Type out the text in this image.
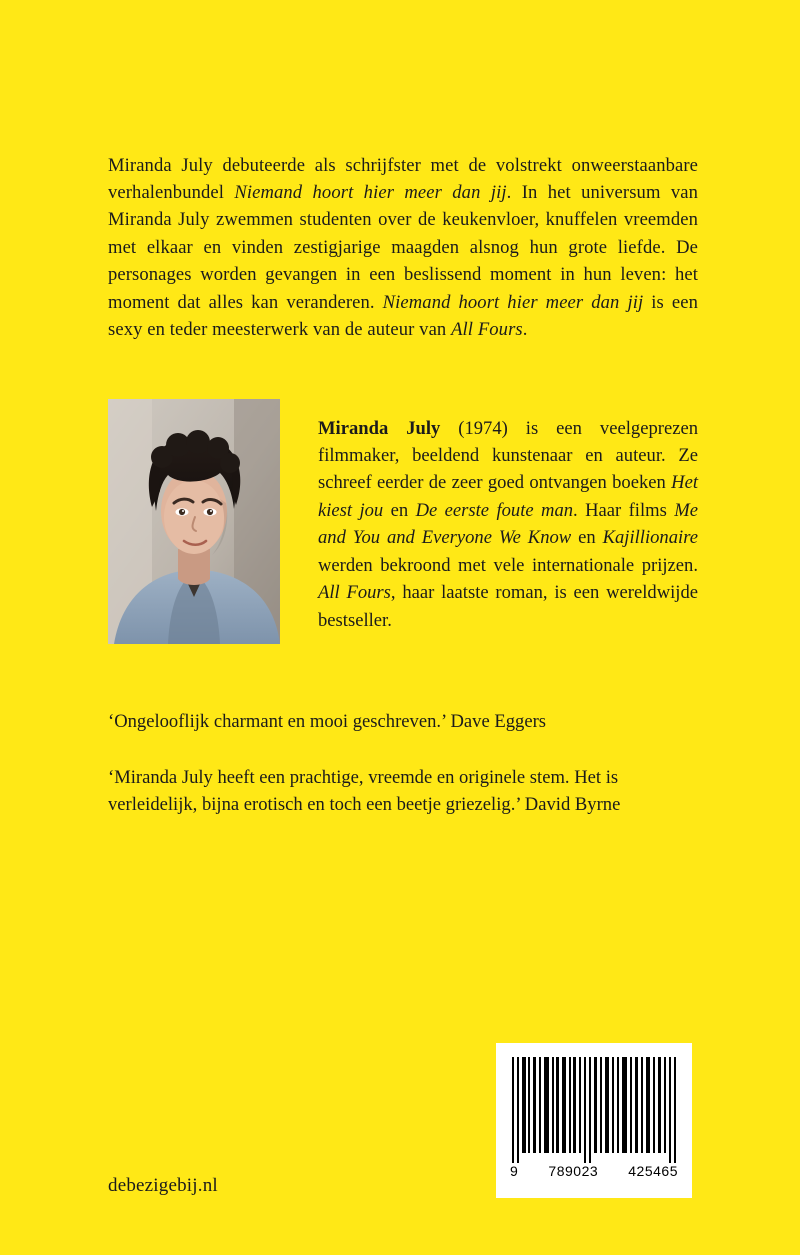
Miranda July debuteerde als schrijfster met de volstrekt onweerstaanbare verhalenbundel Niemand hoort hier meer dan jij. In het universum van Miranda July zwemmen studenten over de keukenvloer, knuffelen vreemden met elkaar en vinden zestigjarige maagden alsnog hun grote liefde. De personages worden gevangen in een beslissend moment in hun leven: het moment dat alles kan veranderen. Niemand hoort hier meer dan jij is een sexy en teder meesterwerk van de auteur van All Fours.

Miranda July (1974) is een veelgeprezen filmmaker, beeldend kunstenaar en auteur. Ze schreef eerder de zeer goed ontvangen boeken Het kiest jou en De eerste foute man. Haar films Me and You and Everyone We Know en Kajillionaire werden bekroond met vele internationale prijzen. All Fours, haar laatste roman, is een wereldwijde bestseller.

‘Ongelooflijk charmant en mooi geschreven.’ Dave Eggers

‘Miranda July heeft een prachtige, vreemde en originele stem. Het is verleidelijk, bijna erotisch en toch een beetje griezelig.’ David Byrne

9 789023 425465
debezigebij.nl
